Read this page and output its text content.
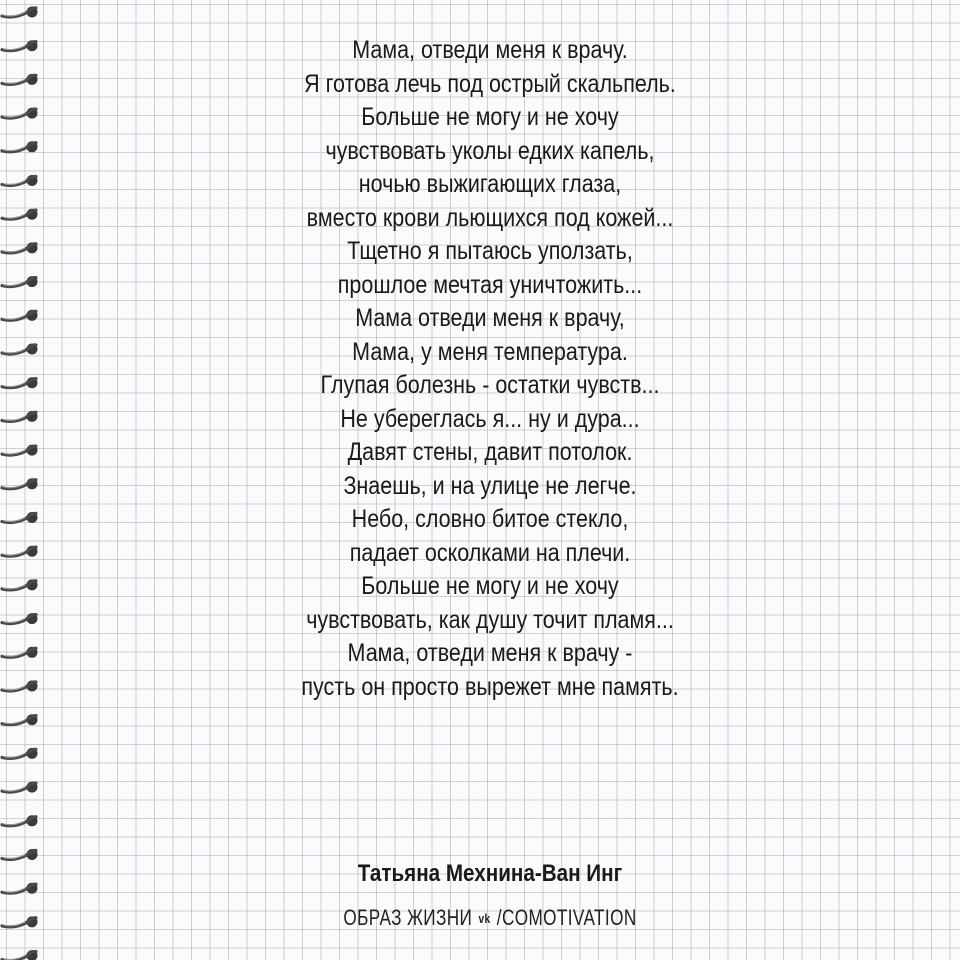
Мама, отведи меня к врачу.
Я готова лечь под острый скальпель.
Больше не могу и не хочу
чувствовать уколы едких капель,
ночью выжигающих глаза,
вместо крови льющихся под кожей...
Тщетно я пытаюсь уползать,
прошлое мечтая уничтожить...
Мама отведи меня к врачу,
Мама, у меня температура.
Глупая болезнь - остатки чувств...
Не убереглась я... ну и дура...
Давят стены, давит потолок.
Знаешь, и на улице не легче.
Небо, словно битое стекло,
падает осколками на плечи.
Больше не могу и не хочу
чувствовать, как душу точит пламя...
Мама, отведи меня к врачу -
пусть он просто вырежет мне память.
Татьяна Мехнина-Ван Инг
ОБРАЗ ЖИЗНИ vk /COMOTIVATION
